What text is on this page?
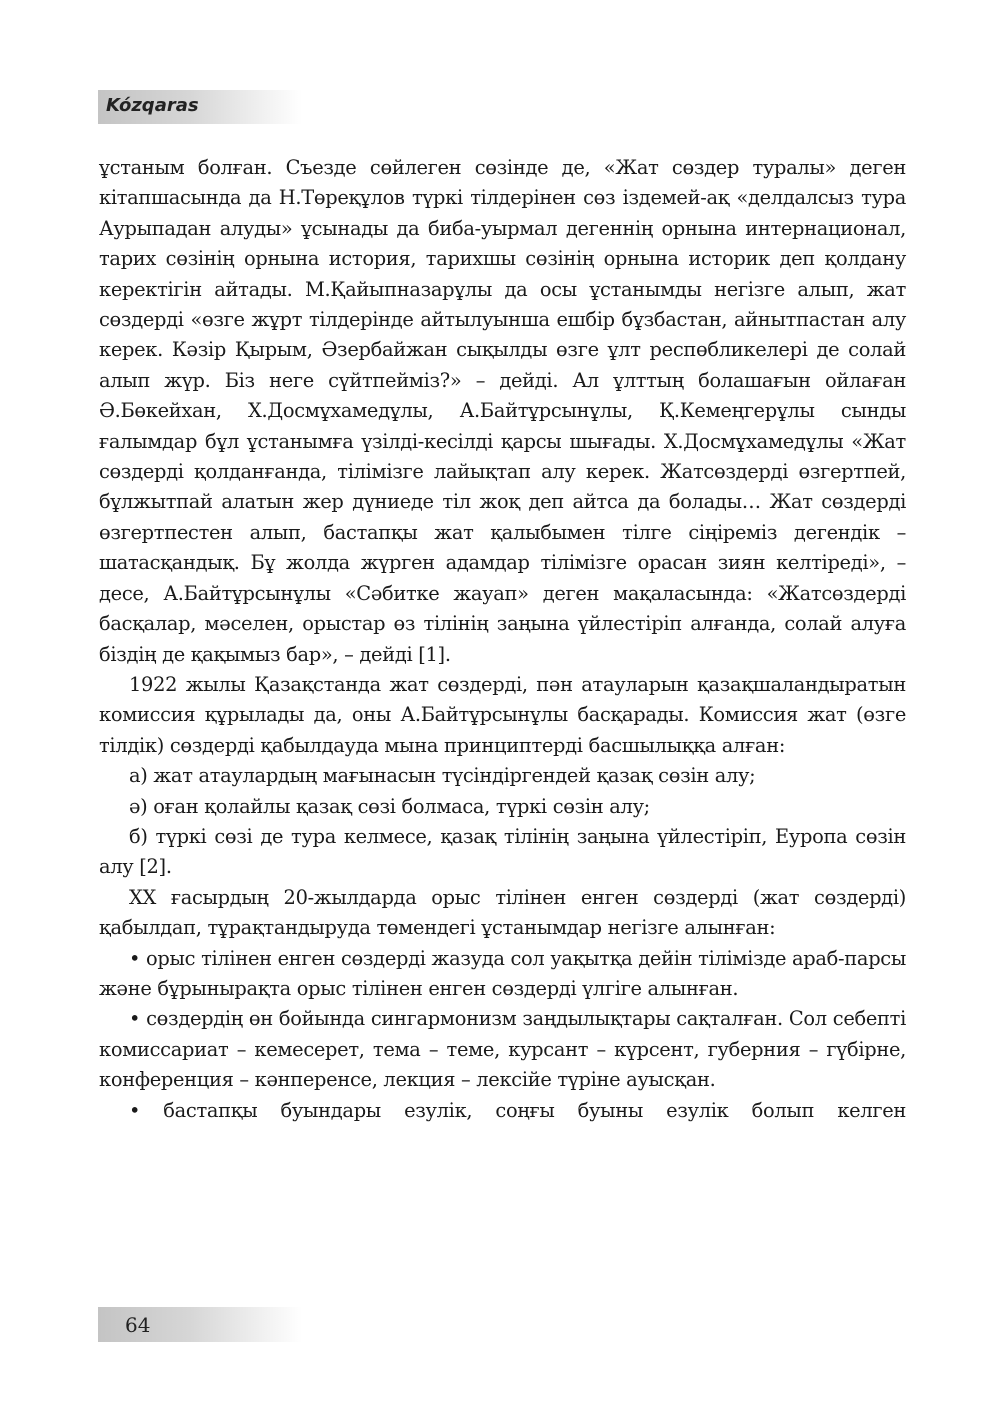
Kózqaras

ұстаным болған. Съезде сөйлеген сөзінде де, «Жат сөздер туралы» деген кітапшасында да Н.Төреқұлов түркі тілдерінен сөз іздемей-ақ «делдалсыз тура Аурыпадан алуды» ұсынады да биба-уырмал дегеннің орнына интернационал, тарих сөзінің орнына история, тарихшы сөзінің орнына историк деп қолдану керектігін айтады. М.Қайыпназарұлы да осы ұстанымды негізге алып, жат сөздерді «өзге жұрт тілдерінде айтылуынша ешбір бұзбастан, айнытпастан алу керек. Кәзір Қырым, Әзербайжан сықылды өзге ұлт респөбликелері де солай алып жүр. Біз неге сүйтпейміз?» – дейді. Ал ұлттың болашағын ойлаған Ә.Бөкейхан, Х.Досмұхамедұлы, А.Байтұрсынұлы, Қ.Кемеңгерұлы сынды ғалымдар бұл ұстанымға үзілді-кесілді қарсы шығады. Х.Досмұхамедұлы «Жат сөздерді қолданғанда, тілімізге лайықтап алу керек. Жатсөздерді өзгертпей, бұлжытпай алатын жер дүниеде тіл жоқ деп айтса да болады… Жат сөздерді өзгертпестен алып, бастапқы жат қалыбымен тілге сіңіреміз дегендік – шатасқандық. Бұ жолда жүрген адамдар тілімізге орасан зиян келтіреді», – десе, А.Байтұрсынұлы «Сәбитке жауап» деген мақаласында: «Жатсөздерді басқалар, мәселен, орыстар өз тілінің заңына үйлестіріп алғанда, солай алуға біздің де қақымыз бар», – дейді [1].

1922 жылы Қазақстанда жат сөздерді, пән атауларын қазақшаландыратын комиссия құрылады да, оны А.Байтұрсынұлы басқарады. Комиссия жат (өзге тілдік) сөздерді қабылдауда мына принциптерді басшылыққа алған:

а) жат атаулардың мағынасын түсіндіргендей қазақ сөзін алу;

ә) оған қолайлы қазақ сөзі болмаса, түркі сөзін алу;

б) түркі сөзі де тура келмесе, қазақ тілінің заңына үйлестіріп, Еуропа сөзін алу [2].

ХХ ғасырдың 20-жылдарда орыс тілінен енген сөздерді (жат сөздерді) қабылдап, тұрақтандыруда төмендегі ұстанымдар негізге алынған:

• орыс тілінен енген сөздерді жазуда сол уақытқа дейін тілімізде араб-парсы және бұрынырақта орыс тілінен енген сөздерді үлгіге алынған.

• сөздердің өн бойында сингармонизм заңдылықтары сақталған. Сол себепті комиссариат – кемесерет, тема – теме, курсант – күрсент, губерния – гүбірне, конференция – кәнперенсе, лекция – лексійе түріне ауысқан.

• бастапқы буындары езулік, соңғы буыны езулік болып келген

64
